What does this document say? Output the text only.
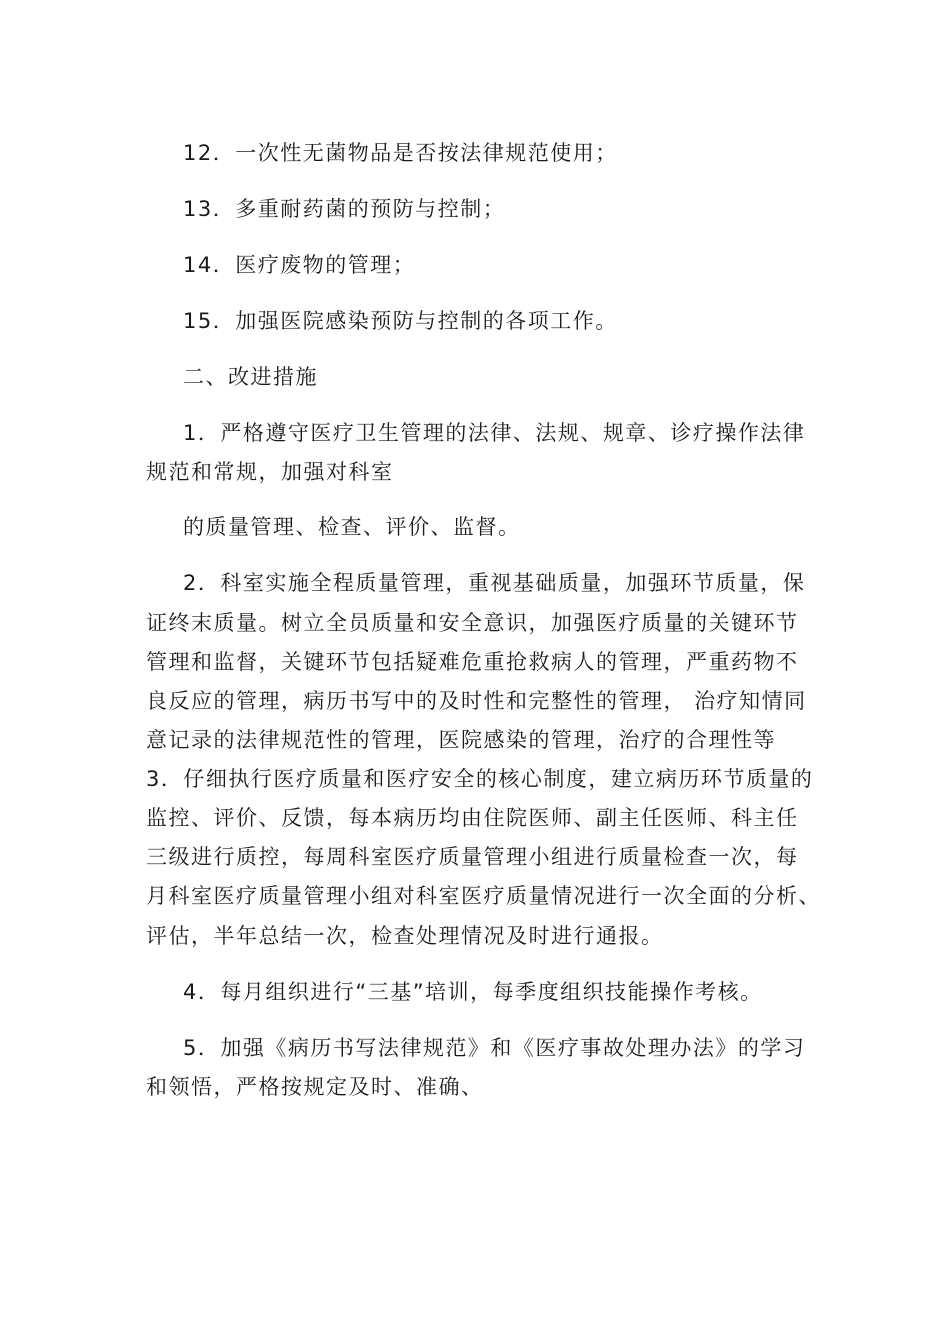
12．一次性无菌物品是否按法律规范使用；
13．多重耐药菌的预防与控制；
14．医疗废物的管理；
15．加强医院感染预防与控制的各项工作。
二、改进措施
1．严格遵守医疗卫生管理的法律、法规、规章、诊疗操作法律
规范和常规，加强对科室
的质量管理、检查、评价、监督。
2．科室实施全程质量管理，重视基础质量，加强环节质量，保
证终末质量。树立全员质量和安全意识，加强医疗质量的关键环节
管理和监督，关键环节包括疑难危重抢救病人的管理，严重药物不
良反应的管理，病历书写中的及时性和完整性的管理， 治疗知情同
意记录的法律规范性的管理，医院感染的管理，治疗的合理性等
3．仔细执行医疗质量和医疗安全的核心制度，建立病历环节质量的
监控、评价、反馈，每本病历均由住院医师、副主任医师、科主任
三级进行质控，每周科室医疗质量管理小组进行质量检查一次，每
月科室医疗质量管理小组对科室医疗质量情况进行一次全面的分析、
评估，半年总结一次，检查处理情况及时进行通报。
4．每月组织进行“三基”培训，每季度组织技能操作考核。
5．加强《病历书写法律规范》和《医疗事故处理办法》的学习
和领悟，严格按规定及时、准确、
